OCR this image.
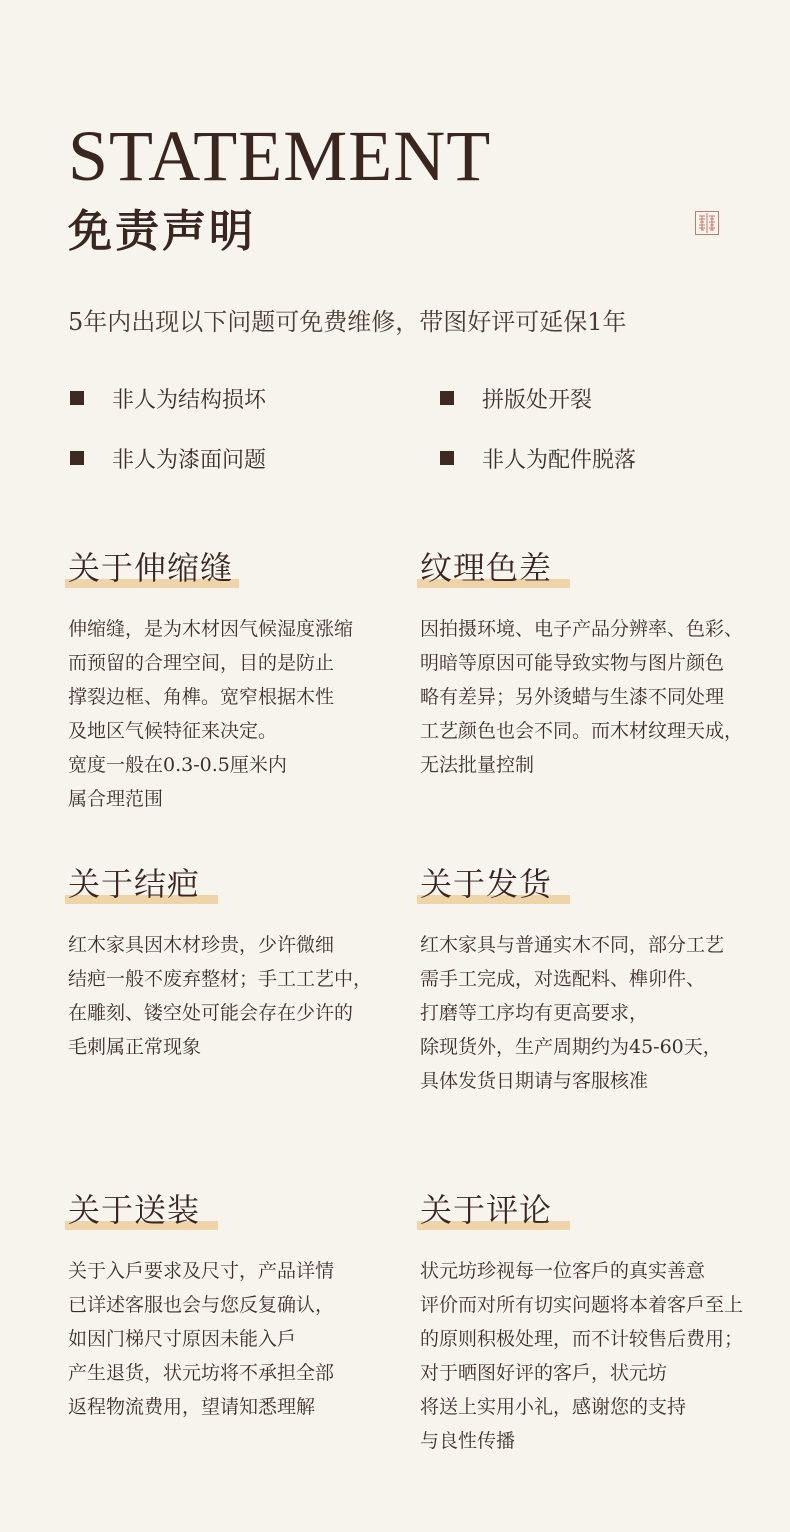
STATEMENT
免责声明

5年内出现以下问题可免费维修，带图好评可延保1年

非人为结构损坏	拼版处开裂
非人为漆面问题	非人为配件脱落
关于伸缩缝
伸缩缝，是为木材因气候湿度涨缩
而预留的合理空间，目的是防止
撑裂边框、角榫。宽窄根据木性
及地区气候特征来决定。
宽度一般在0.3-0.5厘米内
属合理范围
纹理色差
因拍摄环境、电子产品分辨率、色彩、
明暗等原因可能导致实物与图片颜色
略有差异；另外烫蜡与生漆不同处理
工艺颜色也会不同。而木材纹理天成，
无法批量控制
关于结疤
红木家具因木材珍贵，少许微细
结疤一般不废弃整材；手工工艺中，
在雕刻、镂空处可能会存在少许的
毛刺属正常现象
关于发货
红木家具与普通实木不同，部分工艺
需手工完成，对选配料、榫卯件、
打磨等工序均有更高要求，
除现货外，生产周期约为45-60天，
具体发货日期请与客服核准
关于送装
关于入戶要求及尺寸，产品详情
已详述客服也会与您反复确认，
如因门梯尺寸原因未能入戶
产生退货，状元坊将不承担全部
返程物流费用，望请知悉理解
关于评论
状元坊珍视每一位客戶的真实善意
评价而对所有切实问题将本着客戶至上
的原则积极处理，而不计较售后费用；
对于晒图好评的客戶，状元坊
将送上实用小礼，感谢您的支持
与良性传播
